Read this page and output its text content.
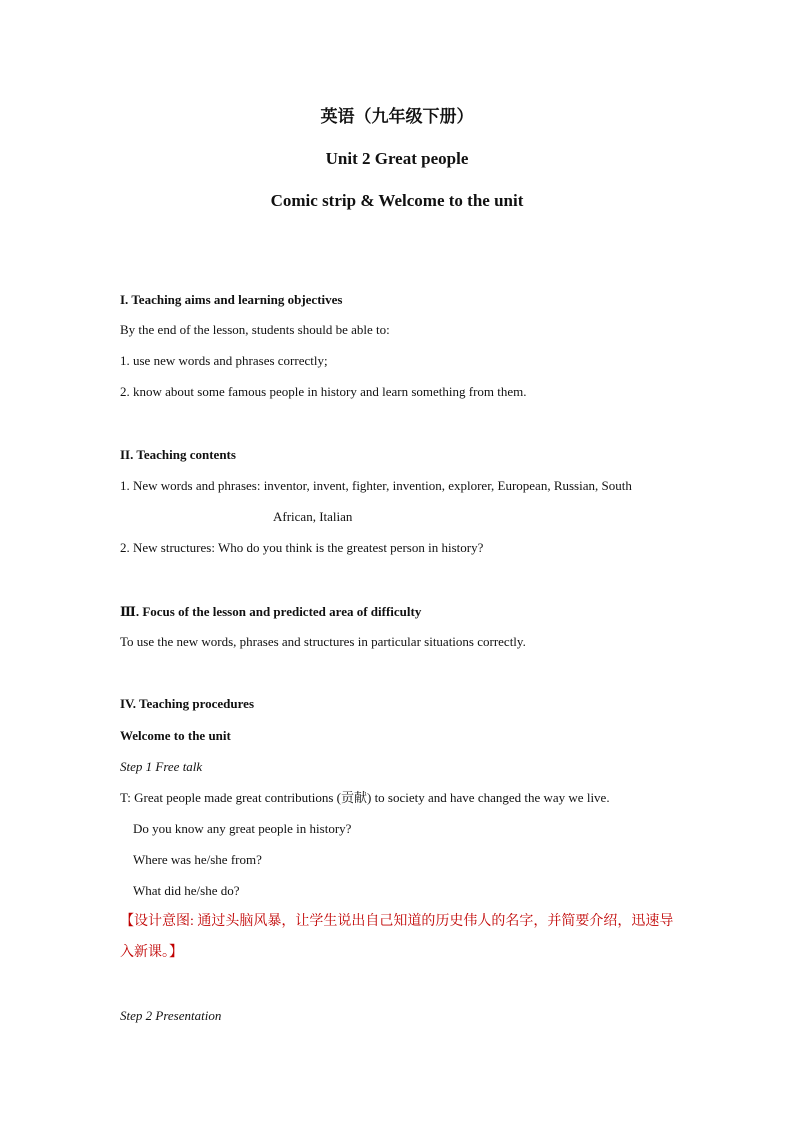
英语（九年级下册）
Unit 2 Great people
Comic strip & Welcome to the unit
I. Teaching aims and learning objectives
By the end of the lesson, students should be able to:
1. use new words and phrases correctly;
2. know about some famous people in history and learn something from them.
II. Teaching contents
1. New words and phrases: inventor, invent, fighter, invention, explorer, European, Russian, South
African, Italian
2. New structures: Who do you think is the greatest person in history?
Ⅲ. Focus of the lesson and predicted area of difficulty
To use the new words, phrases and structures in particular situations correctly.
IV. Teaching procedures
Welcome to the unit
Step 1 Free talk
T: Great people made great contributions (贡献) to society and have changed the way we live.
Do you know any great people in history?
Where was he/she from?
What did he/she do?
【设计意图: 通过头脑风暴，让学生说出自己知道的历史伟人的名字，并简要介绍，迅速导
入新课。】
Step 2 Presentation
